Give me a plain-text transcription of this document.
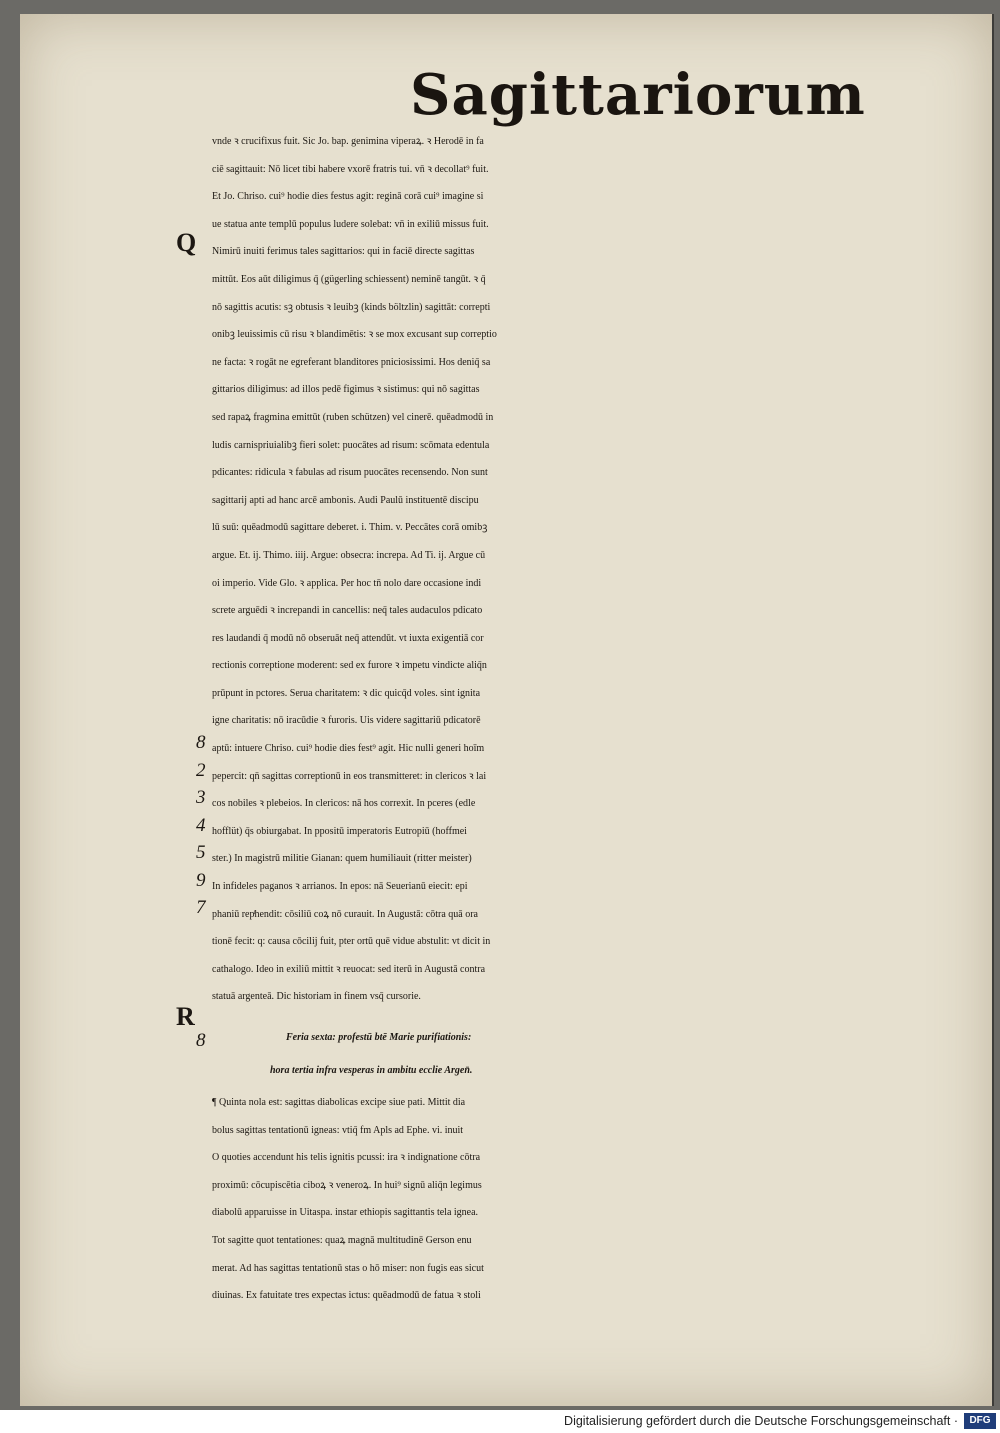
Sagittariorum
vnde ꝛ crucifixus fuit. Sic Jo. bap. genimina viperaꝝ. ꝛ Herodē in fa
ciē sagittauit: Nō licet tibi habere vxorē fratris tui. vn̄ ꝛ decollat⁹ fuit.
Et Jo. Chriso. cui⁹ hodie dies festus agit: reginā corā cui⁹ imagine si
ue statua ante templū populus ludere solebat: vn̄ in exiliū missus fuit.
Nimirū inuiti ferimus tales sagittarios: qui in faciē directe sagittas
mittūt. Eos aūt diligimus q̄ (gügerling schiessent) neminē tangūt. ꝛ q̄
nō sagittis acutis: sꝫ obtusis ꝛ leuibꝫ (kinds böltzlin) sagittāt: correpti
onibꝫ leuissimis cū risu ꝛ blandimētis: ꝛ se mox excusant sup correptio
ne facta: ꝛ rogāt ne egreferant blanditores pniciosissimi. Hos deniq̄ sa
gittarios diligimus: ad illos pedē figimus ꝛ sistimus: qui nō sagittas
sed rapaꝝ fragmina emittūt (ruben schützen) vel cinerē. quēadmodū in
ludis carnispriuialibꝫ fieri solet: puocātes ad risum: scōmata edentula
pdicantes: ridicula ꝛ fabulas ad risum puocātes recensendo. Non sunt
sagittarij apti ad hanc arcē ambonis. Audi Paulū instituentē discipu
lū suū: quēadmodū sagittare deberet. i. Thim. v. Peccātes corā omibꝫ
argue. Et. ij. Thimo. iiij. Argue: obsecra: increpa. Ad Ti. ij. Argue cū
oi imperio. Vide Glo. ꝛ applica. Per hoc tn̄ nolo dare occasione indi
screte arguēdi ꝛ increpandi in cancellis: neq̄ tales audaculos pdicato
res laudandi q̄ modū nō obseruāt neq̄ attendūt. vt iuxta exigentiā cor
rectionis correptione moderent: sed ex furore ꝛ impetu vindicte aliq̄n
prūpunt in pctores. Serua charitatem: ꝛ dic quicq̄d voles. sint ignita
igne charitatis: nō iracūdie ꝛ furoris. Uis videre sagittariū pdicatorē
aptū: intuere Chriso. cui⁹ hodie dies fest⁹ agit. Hic nulli generi hoīm
pepercit: qn̄ sagittas correptionū in eos transmitteret: in clericos ꝛ lai
cos nobiles ꝛ plebeios. In clericos: nā hos correxit. In pceres (edle
hofflüt) q̄s obiurgabat. In ppositū imperatoris Eutropiū (hoffmei
ster.) In magistrū militie Gianan: quem humiliauit (ritter meister)
In infideles paganos ꝛ arrianos. In epos: nā Seuerianū eiecit: epi
phaniū repͥhendit: cōsiliū coꝝ nō curauit. In Augustā: cōtra quā ora
tionē fecit: q: causa cōcilij fuit, pter ortū quē vidue abstulit: vt dicit in
cathalogo. Ideo in exiliū mittit ꝛ reuocat: sed iterū in Augustā contra
statuā argenteā. Dic historiam in finem vsq̄ cursorie.
Feria sexta: profestū btē Marie purifiationis:
hora tertia infra vesperas in ambitu ecclie Argen̄.
¶ Quinta nola est: sagittas diabolicas excipe siue pati. Mittit dia
bolus sagittas tentationū igneas: vtiq̄ fm Apls ad Ephe. vi. inuit
O quoties accendunt his telis ignitis pcussi: ira ꝛ indignatione cōtra
proximū: cōcupiscētia ciboꝝ ꝛ veneroꝝ. In hui⁹ signū aliq̄n legimus
diabolū apparuisse in Uitaspa. instar ethiopis sagittantis tela ignea.
Tot sagitte quot tentationes: quaꝝ magnā multitudinē Gerson enu
merat. Ad has sagittas tentationū stas o hō miser: non fugis eas sicut
diuinas. Ex fatuitate tres expectas ictus: quēadmodū de fatua ꝛ stoli
Q
8
2
3
4
5
9
7
R
8
Digitalisierung gefördert durch die Deutsche Forschungsgemeinschaft ·	DFG
